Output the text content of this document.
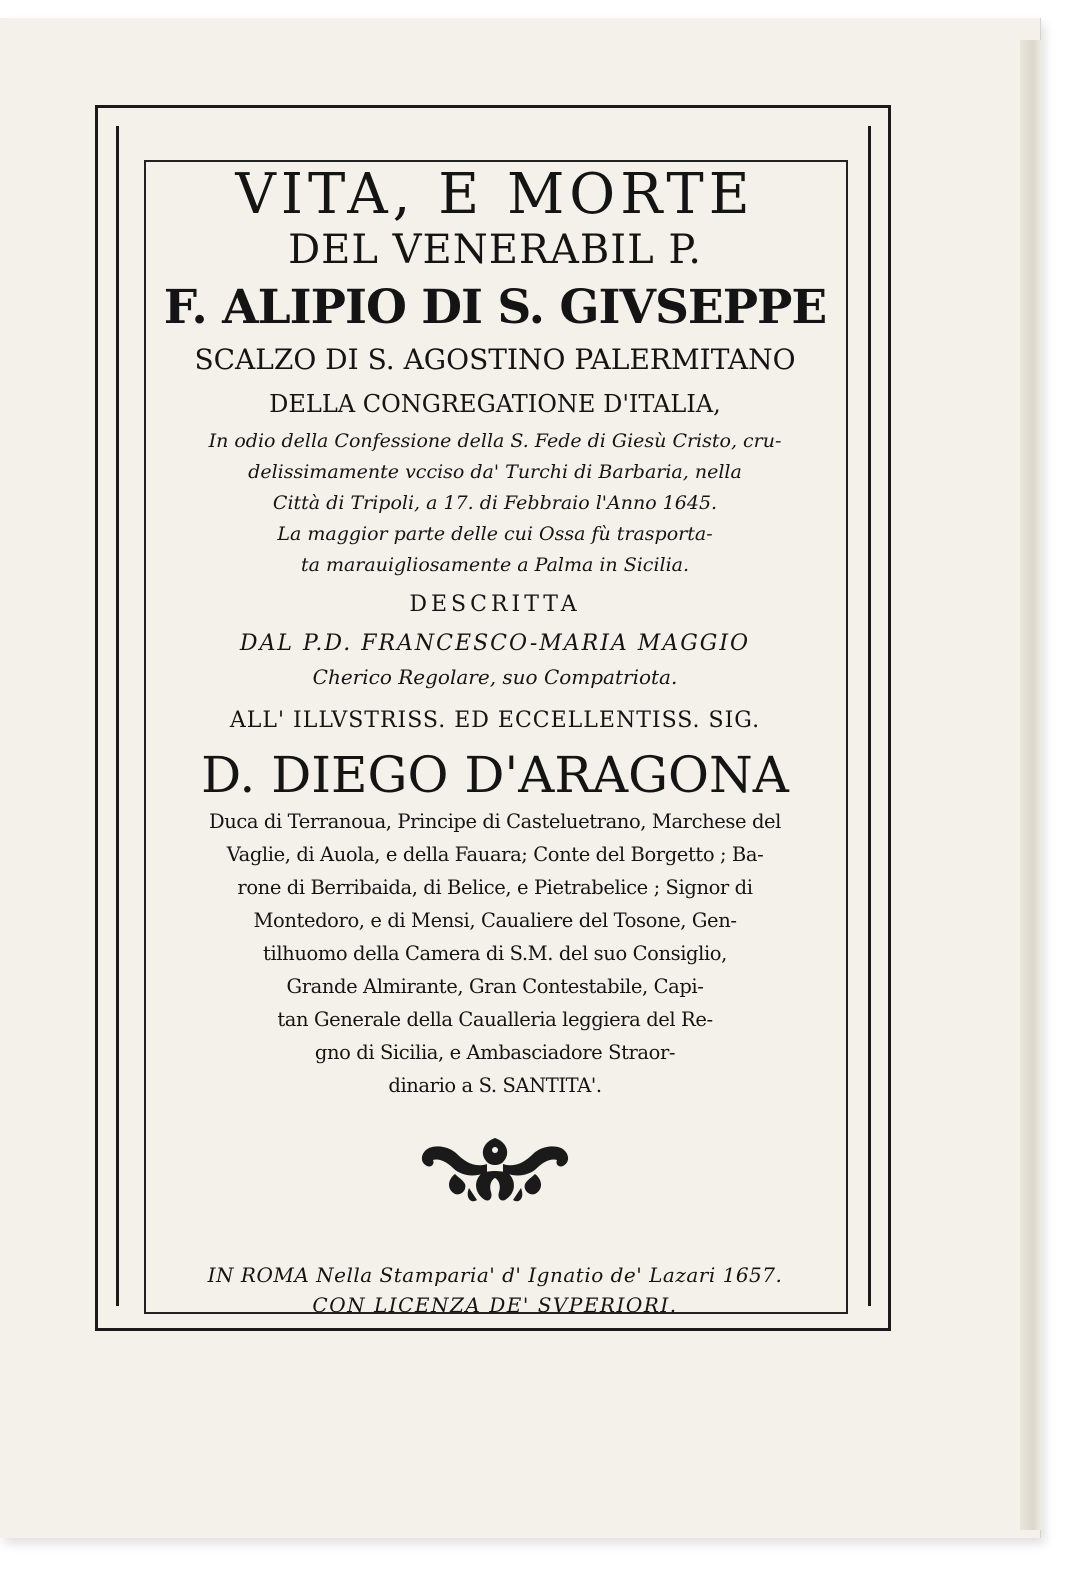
VITA, E MORTE
DEL VENERABIL P.
F. ALIPIO DI S. GIVSEPPE
SCALZO DI S. AGOSTINO PALERMITANO
DELLA CONGREGATIONE D'ITALIA,
In odio della Confessione della S. Fede di Giesù Cristo, cru-
delissimamente vcciso da' Turchi di Barbaria, nella
Città di Tripoli, a 17. di Febbraio l'Anno 1645.
La maggior parte delle cui Ossa fù trasporta-
ta marauigliosamente a Palma in Sicilia.
DESCRITTA
DAL P.D. FRANCESCO-MARIA MAGGIO
Cherico Regolare, suo Compatriota.
ALL' ILLVSTRISS. ED ECCELLENTISS. SIG.
D. DIEGO D'ARAGONA
Duca di Terranoua, Principe di Casteluetrano, Marchese del
Vaglie, di Auola, e della Fauara; Conte del Borgetto ; Ba-
rone di Berribaida, di Belice, e Pietrabelice ; Signor di
Montedoro, e di Mensi, Caualiere del Tosone, Gen-
tilhuomo della Camera di S.M. del suo Consiglio,
Grande Almirante, Gran Contestabile, Capi-
tan Generale della Caualleria leggiera del Re-
gno di Sicilia, e Ambasciadore Straor-
dinario a S. SANTITA'.
IN ROMA Nella Stamparia' d' Ignatio de' Lazari 1657.
CON LICENZA DE' SVPERIORI.
